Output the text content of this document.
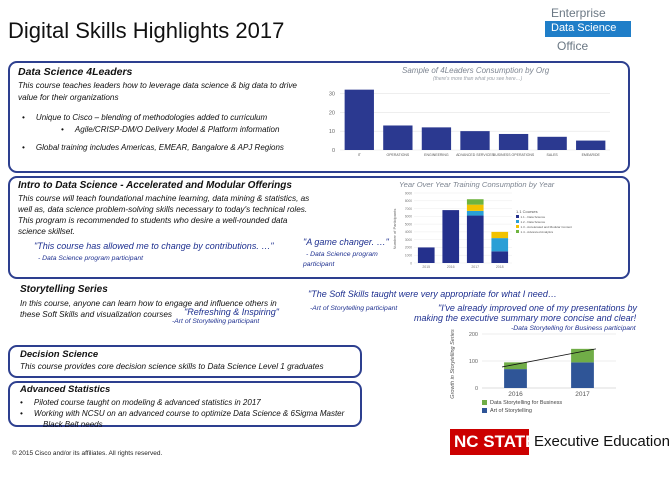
Digital Skills Highlights 2017
Enterprise
Data Science
Office
Data Science 4Leaders
This course teaches leaders how to leverage data science & big data to drive value for their organizations
•     Unique to Cisco – blending of methodologies added to curriculum
•     Agile/CRISP-DM/O Delivery Model & Platform information
•     Global training includes Americas, EMEAR, Bangalore & APJ Regions
Sample of 4Leaders Consumption by Org
(there's more than what you see here…)
0
10
20
30
IT	OPERATIONS	ENGINEERING ADVANCED SERVICES
BUSINESS OPERATIONS	SALES	EMEAR/DE
Intro to Data Science - Accelerated and Modular Offerings
This course will teach foundational machine learning, data mining & statistics, as
well as, data science problem-solving skills necessary to today's technical roles.
This program is recommended to students who desire a well-rounded data
science skillset.
"This course has allowed me to change by contributions. …"
- Data Science program participant
"A game changer. …"
- Data Science program
participant
Year Over Year Training Consumption by Year
Number of Participants
0
1000
2000
3000
4000
5000
6000
7000
8000
9000
2015	2016	2017	2018
1.1 Courses
1.1 - Data Science
1.2 - Data Science
1.3 - Accelerated and Modular Content
1.4 - Advanced Analytics
Storytelling Series
In this course, anyone can learn how to engage and influence others in
these Soft Skills and visualization courses "Refreshing & Inspiring"
-Art of Storytelling participant
"The Soft Skills taught were very appropriate for what I need…
-Art of Storytelling participant	"I've already improved one of my presentations by
making the executive summary more concise and clear!
-Data Storytelling for Business participant
Decision Science
This course provides core decision science skills to Data Science Level 1 graduates
Advanced Statistics
•     Piloted course taught on modeling & advanced statistics in 2017
•     Working with NCSU on an advanced course to optimize Data Science & 6Sigma Master
Black Belt needs
Growth in Storytelling Series	0
100
200
2016	2017
Data Storytelling for Business
Art of Storytelling
© 2015 Cisco and/or its affiliates. All rights reserved.
NC STATE
Executive Education
